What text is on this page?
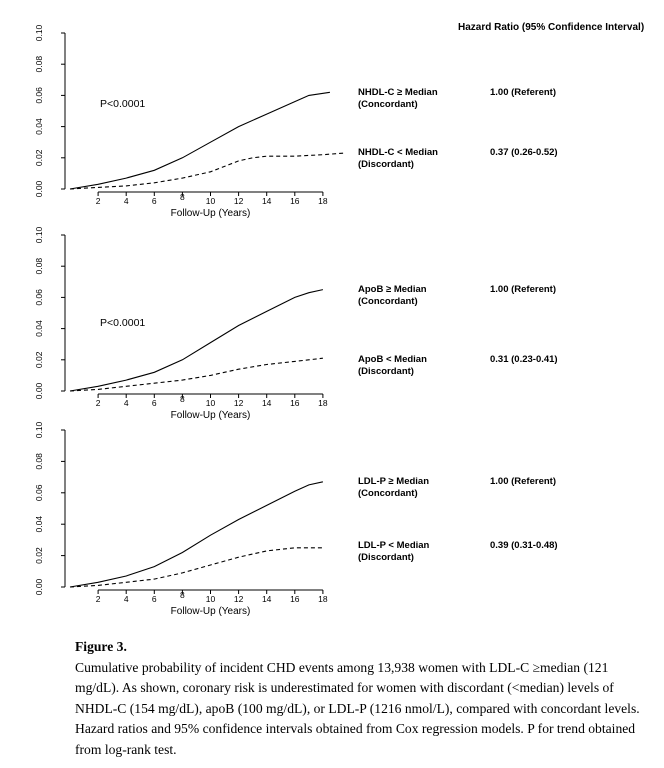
0.00
0.02
0.04
0.06
0.08
0.10
2	4	6	8 10 12 14 16 18
Follow-Up (Years)
P<0.0001
NHDL-C ≥ Median
(Concordant)
1.00 (Referent)
NHDL-C < Median
(Discordant)
0.37 (0.26-0.52)
0.00
0.02
0.04
0.06
0.08
0.10
2	4	6	8 10 12 14 16 18
Follow-Up (Years)
P<0.0001
ApoB ≥ Median
(Concordant)
1.00 (Referent)
ApoB < Median
(Discordant)
0.31 (0.23-0.41)
0.00
0.02
0.04
0.06
0.08
0.10
2	4	6	8 10 12 14 16 18
Follow-Up (Years)
LDL-P ≥ Median
(Concordant)
1.00 (Referent)
LDL-P < Median
(Discordant)
0.39 (0.31-0.48)
Hazard Ratio (95% Confidence Interval)
Figure 3.
Cumulative probability of incident CHD events among 13,938 women with LDL-C ≥median (121 mg/dL). As shown, coronary risk is underestimated for women with discordant (<median) levels of NHDL-C (154 mg/dL), apoB (100 mg/dL), or LDL-P (1216 nmol/L), compared with concordant levels. Hazard ratios and 95% confidence intervals obtained from Cox regression models. P for trend obtained from log-rank test.
